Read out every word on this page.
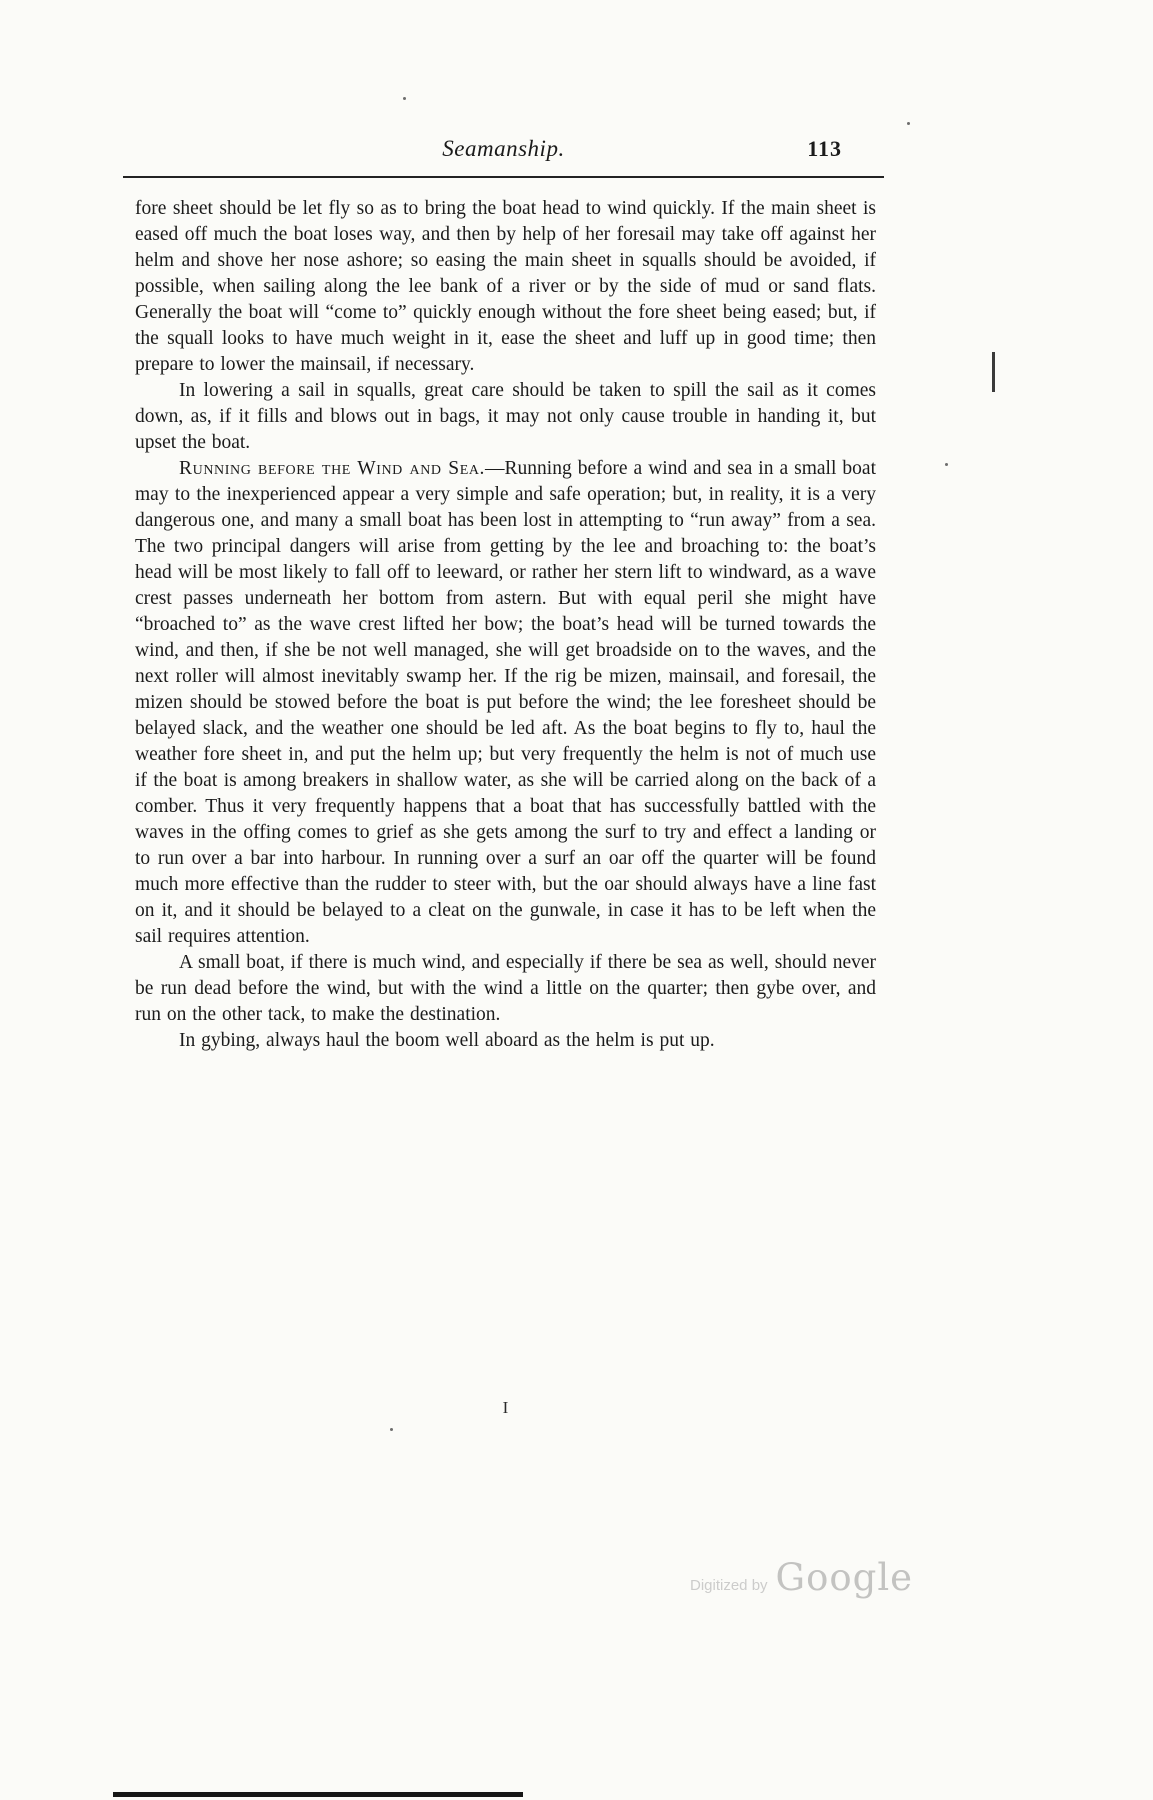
Seamanship.	113

fore sheet should be let fly so as to bring the boat head to wind quickly. If the main sheet is eased off much the boat loses way, and then by help of her foresail may take off against her helm and shove her nose ashore; so easing the main sheet in squalls should be avoided, if possible, when sailing along the lee bank of a river or by the side of mud or sand flats. Generally the boat will “come to” quickly enough without the fore sheet being eased; but, if the squall looks to have much weight in it, ease the sheet and luff up in good time; then prepare to lower the mainsail, if necessary.

In lowering a sail in squalls, great care should be taken to spill the sail as it comes down, as, if it fills and blows out in bags, it may not only cause trouble in handing it, but upset the boat.

Running before the Wind and Sea.—Running before a wind and sea in a small boat may to the inexperienced appear a very simple and safe operation; but, in reality, it is a very dangerous one, and many a small boat has been lost in attempting to “run away” from a sea. The two principal dangers will arise from getting by the lee and broaching to: the boat’s head will be most likely to fall off to leeward, or rather her stern lift to windward, as a wave crest passes underneath her bottom from astern. But with equal peril she might have “broached to” as the wave crest lifted her bow; the boat’s head will be turned towards the wind, and then, if she be not well managed, she will get broadside on to the waves, and the next roller will almost inevitably swamp her. If the rig be mizen, mainsail, and foresail, the mizen should be stowed before the boat is put before the wind; the lee foresheet should be belayed slack, and the weather one should be led aft. As the boat begins to fly to, haul the weather fore sheet in, and put the helm up; but very frequently the helm is not of much use if the boat is among breakers in shallow water, as she will be carried along on the back of a comber. Thus it very frequently happens that a boat that has successfully battled with the waves in the offing comes to grief as she gets among the surf to try and effect a landing or to run over a bar into harbour. In running over a surf an oar off the quarter will be found much more effective than the rudder to steer with, but the oar should always have a line fast on it, and it should be belayed to a cleat on the gunwale, in case it has to be left when the sail requires attention.

A small boat, if there is much wind, and especially if there be sea as well, should never be run dead before the wind, but with the wind a little on the quarter; then gybe over, and run on the other tack, to make the destination.

In gybing, always haul the boom well aboard as the helm is put up.

I
Digitized by Google
